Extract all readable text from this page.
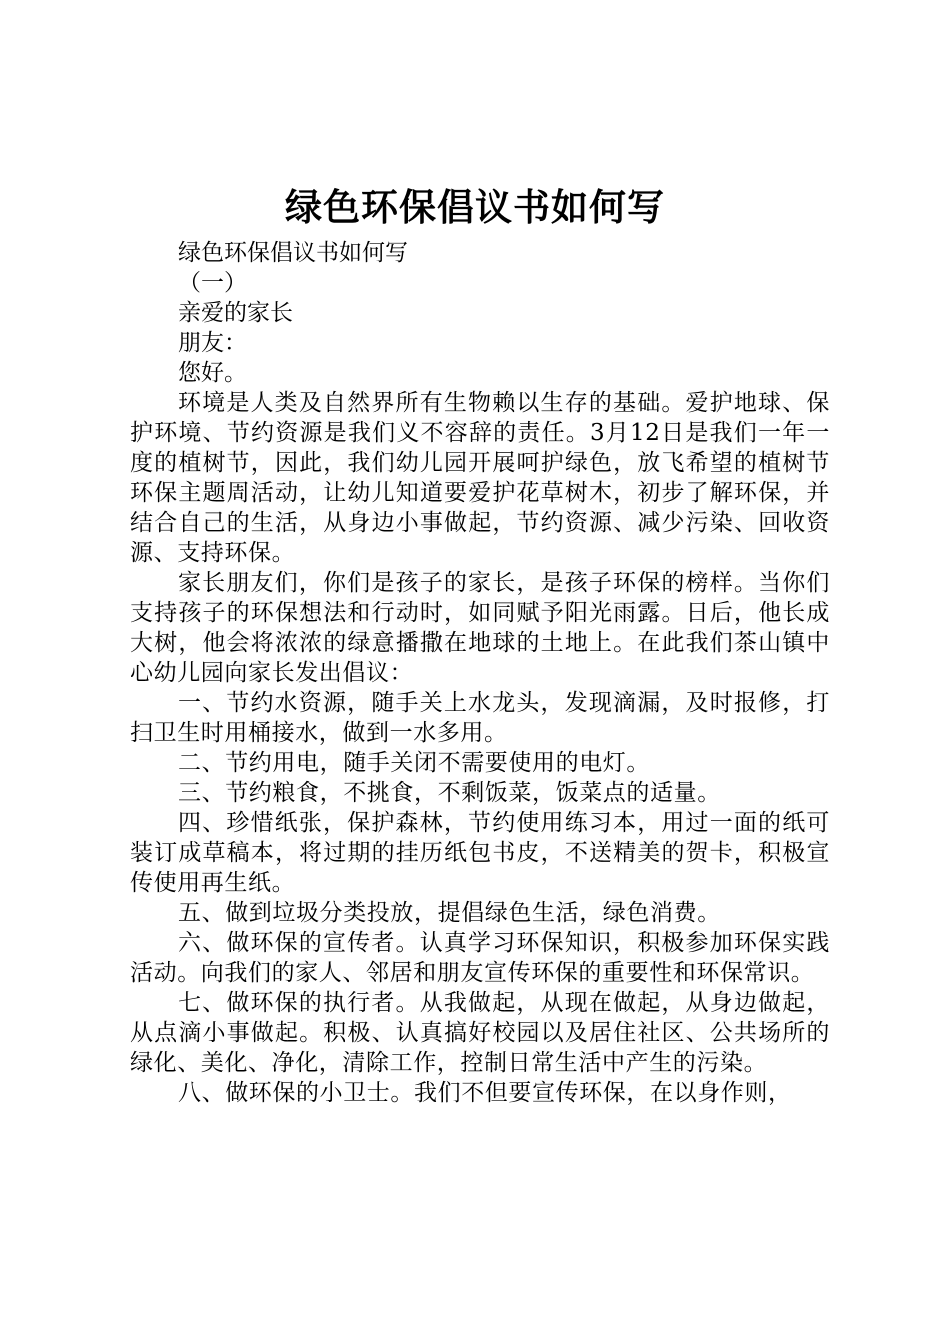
绿色环保倡议书如何写

绿色环保倡议书如何写

（一）

亲爱的家长

朋友：

您好。

环境是人类及自然界所有生物赖以生存的基础。爱护地球、保护环境、节约资源是我们义不容辞的责任。3月12日是我们一年一度的植树节，因此，我们幼儿园开展呵护绿色，放飞希望的植树节环保主题周活动，让幼儿知道要爱护花草树木，初步了解环保，并结合自己的生活，从身边小事做起，节约资源、减少污染、回收资源、支持环保。

家长朋友们，你们是孩子的家长，是孩子环保的榜样。当你们支持孩子的环保想法和行动时，如同赋予阳光雨露。日后，他长成大树，他会将浓浓的绿意播撒在地球的土地上。在此我们茶山镇中心幼儿园向家长发出倡议：

一、节约水资源，随手关上水龙头，发现滴漏，及时报修，打扫卫生时用桶接水，做到一水多用。

二、节约用电，随手关闭不需要使用的电灯。

三、节约粮食，不挑食，不剩饭菜，饭菜点的适量。

四、珍惜纸张，保护森林，节约使用练习本，用过一面的纸可装订成草稿本，将过期的挂历纸包书皮，不送精美的贺卡，积极宣传使用再生纸。

五、做到垃圾分类投放，提倡绿色生活，绿色消费。

六、做环保的宣传者。认真学习环保知识，积极参加环保实践活动。向我们的家人、邻居和朋友宣传环保的重要性和环保常识。

七、做环保的执行者。从我做起，从现在做起，从身边做起，从点滴小事做起。积极、认真搞好校园以及居住社区、公共场所的绿化、美化、净化，清除工作，控制日常生活中产生的污染。

八、做环保的小卫士。我们不但要宣传环保，在以身作则，
